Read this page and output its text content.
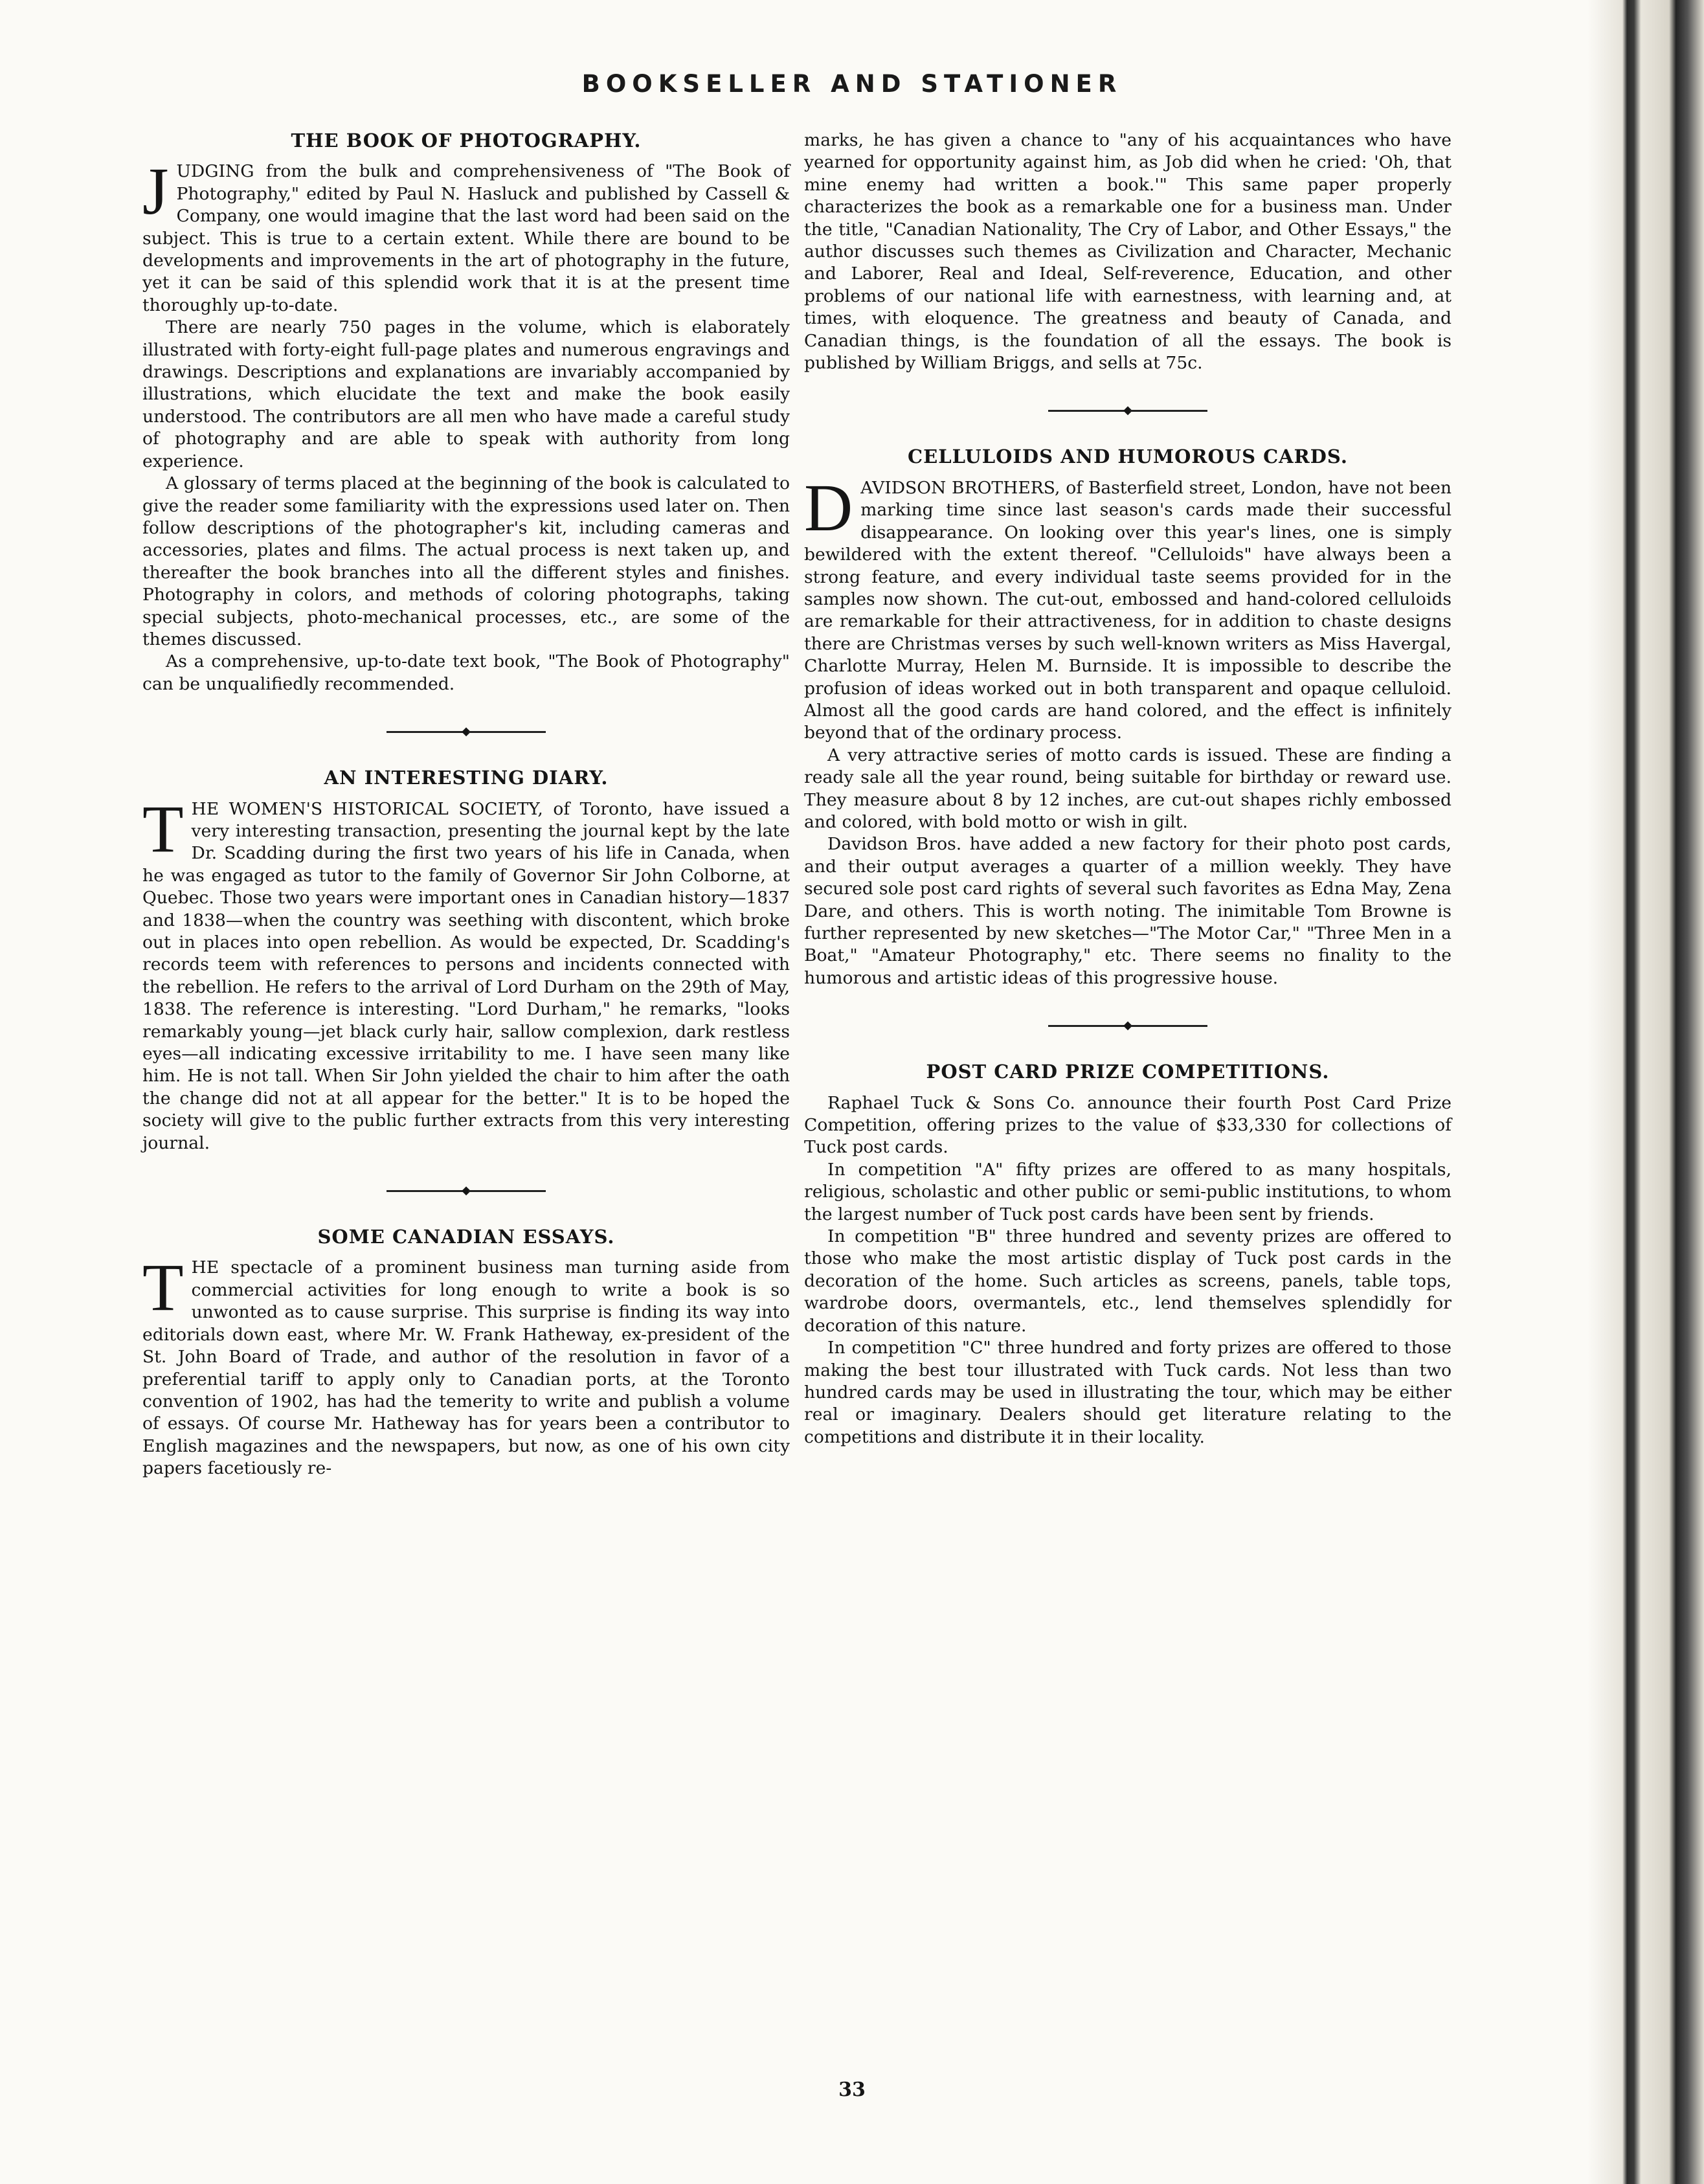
BOOKSELLER AND STATIONER
THE BOOK OF PHOTOGRAPHY.

JUDGING from the bulk and comprehensiveness of "The Book of Photography," edited by Paul N. Hasluck and published by Cassell & Company, one would imagine that the last word had been said on the subject. This is true to a certain extent. While there are bound to be developments and improvements in the art of photography in the future, yet it can be said of this splendid work that it is at the present time thoroughly up-to-date.

There are nearly 750 pages in the volume, which is elaborately illustrated with forty-eight full-page plates and numerous engravings and drawings. Descriptions and explanations are invariably accompanied by illustrations, which elucidate the text and make the book easily understood. The contributors are all men who have made a careful study of photography and are able to speak with authority from long experience.

A glossary of terms placed at the beginning of the book is calculated to give the reader some familiarity with the expressions used later on. Then follow descriptions of the photographer's kit, including cameras and accessories, plates and films. The actual process is next taken up, and thereafter the book branches into all the different styles and finishes. Photography in colors, and methods of coloring photographs, taking special subjects, photo-mechanical processes, etc., are some of the themes discussed.

As a comprehensive, up-to-date text book, "The Book of Photography" can be unqualifiedly recommended.

◆
AN INTERESTING DIARY.

THE WOMEN'S HISTORICAL SOCIETY, of Toronto, have issued a very interesting transaction, presenting the journal kept by the late Dr. Scadding during the first two years of his life in Canada, when he was engaged as tutor to the family of Governor Sir John Colborne, at Quebec. Those two years were important ones in Canadian history—1837 and 1838—when the country was seething with discontent, which broke out in places into open rebellion. As would be expected, Dr. Scadding's records teem with references to persons and incidents connected with the rebellion. He refers to the arrival of Lord Durham on the 29th of May, 1838. The reference is interesting. "Lord Durham," he remarks, "looks remarkably young—jet black curly hair, sallow complexion, dark restless eyes—all indicating excessive irritability to me. I have seen many like him. He is not tall. When Sir John yielded the chair to him after the oath the change did not at all appear for the better." It is to be hoped the society will give to the public further extracts from this very interesting journal.

◆
SOME CANADIAN ESSAYS.

THE spectacle of a prominent business man turning aside from commercial activities for long enough to write a book is so unwonted as to cause surprise. This surprise is finding its way into editorials down east, where Mr. W. Frank Hatheway, ex-president of the St. John Board of Trade, and author of the resolution in favor of a preferential tariff to apply only to Canadian ports, at the Toronto convention of 1902, has had the temerity to write and publish a volume of essays. Of course Mr. Hatheway has for years been a contributor to English magazines and the newspapers, but now, as one of his own city papers facetiously re-

marks, he has given a chance to "any of his acquaintances who have yearned for opportunity against him, as Job did when he cried: 'Oh, that mine enemy had written a book.'" This same paper properly characterizes the book as a remarkable one for a business man. Under the title, "Canadian Nationality, The Cry of Labor, and Other Essays," the author discusses such themes as Civilization and Character, Mechanic and Laborer, Real and Ideal, Self-reverence, Education, and other problems of our national life with earnestness, with learning and, at times, with eloquence. The greatness and beauty of Canada, and Canadian things, is the foundation of all the essays. The book is published by William Briggs, and sells at 75c.

◆
CELLULOIDS AND HUMOROUS CARDS.

DAVIDSON BROTHERS, of Basterfield street, London, have not been marking time since last season's cards made their successful disappearance. On looking over this year's lines, one is simply bewildered with the extent thereof. "Celluloids" have always been a strong feature, and every individual taste seems provided for in the samples now shown. The cut-out, embossed and hand-colored celluloids are remarkable for their attractiveness, for in addition to chaste designs there are Christmas verses by such well-known writers as Miss Havergal, Charlotte Murray, Helen M. Burnside. It is impossible to describe the profusion of ideas worked out in both transparent and opaque celluloid. Almost all the good cards are hand colored, and the effect is infinitely beyond that of the ordinary process.

A very attractive series of motto cards is issued. These are finding a ready sale all the year round, being suitable for birthday or reward use. They measure about 8 by 12 inches, are cut-out shapes richly embossed and colored, with bold motto or wish in gilt.

Davidson Bros. have added a new factory for their photo post cards, and their output averages a quarter of a million weekly. They have secured sole post card rights of several such favorites as Edna May, Zena Dare, and others. This is worth noting. The inimitable Tom Browne is further represented by new sketches—"The Motor Car," "Three Men in a Boat," "Amateur Photography," etc. There seems no finality to the humorous and artistic ideas of this progressive house.

◆
POST CARD PRIZE COMPETITIONS.

Raphael Tuck & Sons Co. announce their fourth Post Card Prize Competition, offering prizes to the value of $33,330 for collections of Tuck post cards.

In competition "A" fifty prizes are offered to as many hospitals, religious, scholastic and other public or semi-public institutions, to whom the largest number of Tuck post cards have been sent by friends.

In competition "B" three hundred and seventy prizes are offered to those who make the most artistic display of Tuck post cards in the decoration of the home. Such articles as screens, panels, table tops, wardrobe doors, overmantels, etc., lend themselves splendidly for decoration of this nature.

In competition "C" three hundred and forty prizes are offered to those making the best tour illustrated with Tuck cards. Not less than two hundred cards may be used in illustrating the tour, which may be either real or imaginary. Dealers should get literature relating to the competitions and distribute it in their locality.

33
